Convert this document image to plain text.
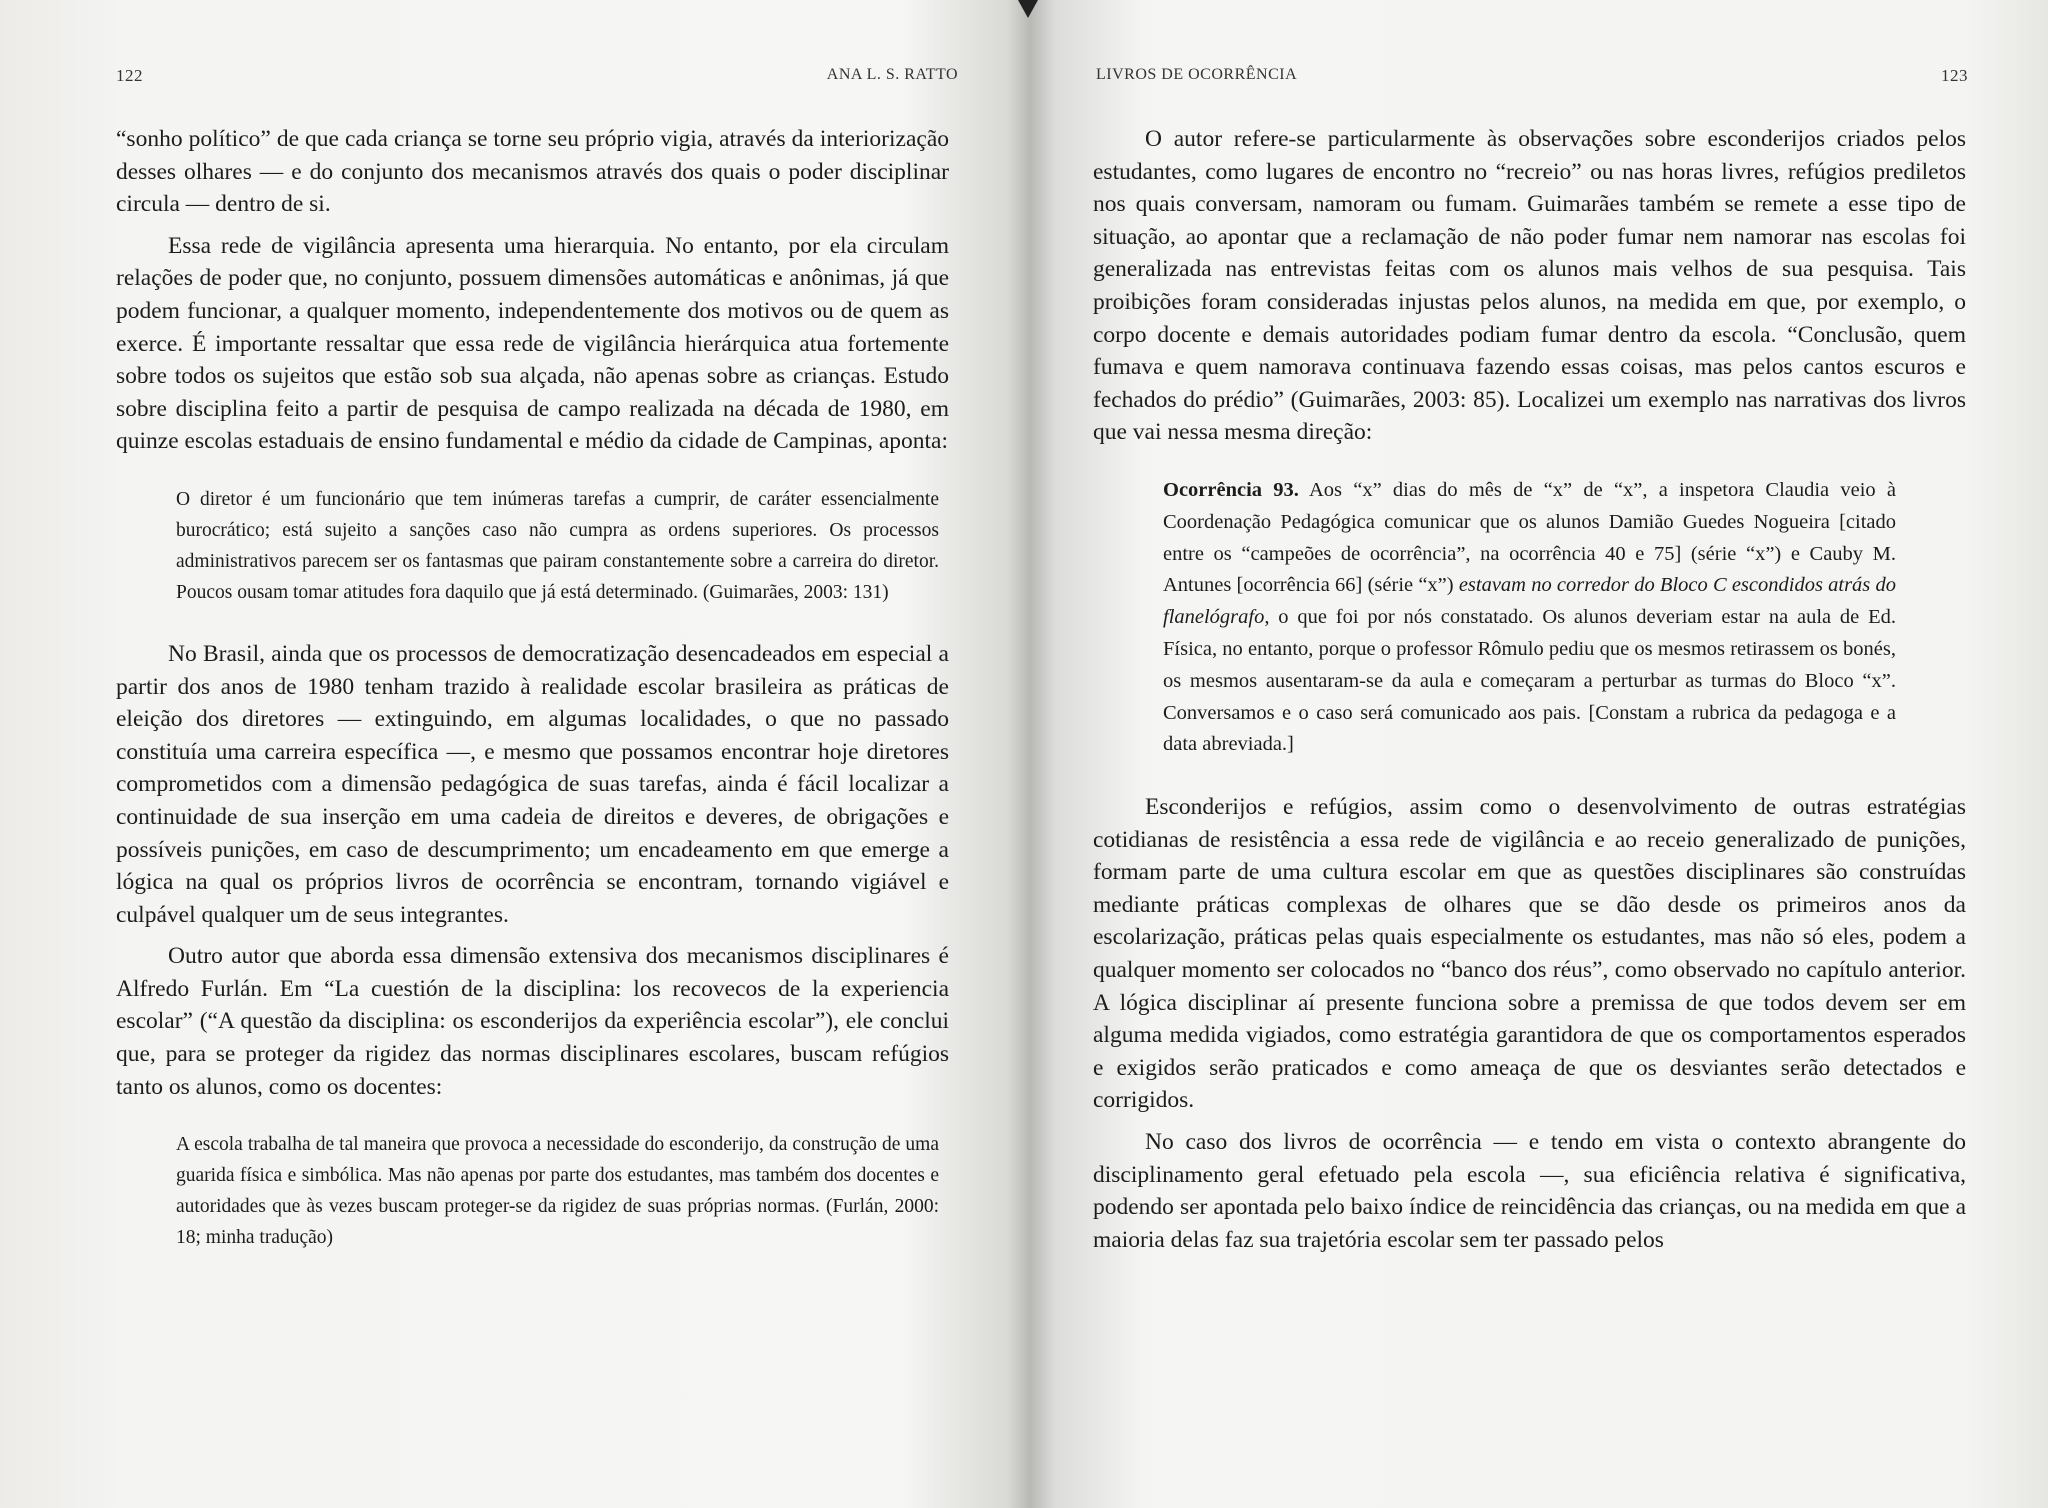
122	ANA L. S. RATTO

“sonho político” de que cada criança se torne seu próprio vigia, através da interiorização desses olhares — e do conjunto dos mecanismos através dos quais o poder disciplinar circula — dentro de si.

Essa rede de vigilância apresenta uma hierarquia. No entanto, por ela circulam relações de poder que, no conjunto, possuem dimensões automáticas e anônimas, já que podem funcionar, a qualquer momento, independentemente dos motivos ou de quem as exerce. É importante ressaltar que essa rede de vigilância hierárquica atua fortemente sobre todos os sujeitos que estão sob sua alçada, não apenas sobre as crianças. Estudo sobre disciplina feito a partir de pesquisa de campo realizada na década de 1980, em quinze escolas estaduais de ensino fundamental e médio da cidade de Campinas, aponta:

O diretor é um funcionário que tem inúmeras tarefas a cumprir, de caráter essencialmente burocrático; está sujeito a sanções caso não cumpra as ordens superiores. Os processos administrativos parecem ser os fantasmas que pairam constantemente sobre a carreira do diretor. Poucos ousam tomar atitudes fora daquilo que já está determinado. (Guimarães, 2003: 131)

No Brasil, ainda que os processos de democratização desencadeados em especial a partir dos anos de 1980 tenham trazido à realidade escolar brasileira as práticas de eleição dos diretores — extinguindo, em algumas localidades, o que no passado constituía uma carreira específica —, e mesmo que possamos encontrar hoje diretores comprometidos com a dimensão pedagógica de suas tarefas, ainda é fácil localizar a continuidade de sua inserção em uma cadeia de direitos e deveres, de obrigações e possíveis punições, em caso de descumprimento; um encadeamento em que emerge a lógica na qual os próprios livros de ocorrência se encontram, tornando vigiável e culpável qualquer um de seus integrantes.

Outro autor que aborda essa dimensão extensiva dos mecanismos disciplinares é Alfredo Furlán. Em “La cuestión de la disciplina: los recovecos de la experiencia escolar” (“A questão da disciplina: os esconderijos da experiência escolar”), ele conclui que, para se proteger da rigidez das normas disciplinares escolares, buscam refúgios tanto os alunos, como os docentes:

A escola trabalha de tal maneira que provoca a necessidade do esconderijo, da construção de uma guarida física e simbólica. Mas não apenas por parte dos estudantes, mas também dos docentes e autoridades que às vezes buscam proteger-se da rigidez de suas próprias normas. (Furlán, 2000: 18; minha tradução)
LIVROS DE OCORRÊNCIA	123

O autor refere-se particularmente às observações sobre esconderijos criados pelos estudantes, como lugares de encontro no “recreio” ou nas horas livres, refúgios prediletos nos quais conversam, namoram ou fumam. Guimarães também se remete a esse tipo de situação, ao apontar que a reclamação de não poder fumar nem namorar nas escolas foi generalizada nas entrevistas feitas com os alunos mais velhos de sua pesquisa. Tais proibições foram consideradas injustas pelos alunos, na medida em que, por exemplo, o corpo docente e demais autoridades podiam fumar dentro da escola. “Conclusão, quem fumava e quem namorava continuava fazendo essas coisas, mas pelos cantos escuros e fechados do prédio” (Guimarães, 2003: 85). Localizei um exemplo nas narrativas dos livros que vai nessa mesma direção:

Ocorrência 93. Aos “x” dias do mês de “x” de “x”, a inspetora Claudia veio à Coordenação Pedagógica comunicar que os alunos Damião Guedes Nogueira [citado entre os “campeões de ocorrência”, na ocorrência 40 e 75] (série “x”) e Cauby M. Antunes [ocorrência 66] (série “x”) estavam no corredor do Bloco C escondidos atrás do flanelógrafo, o que foi por nós constatado. Os alunos deveriam estar na aula de Ed. Física, no entanto, porque o professor Rômulo pediu que os mesmos retirassem os bonés, os mesmos ausentaram-se da aula e começaram a perturbar as turmas do Bloco “x”. Conversamos e o caso será comunicado aos pais. [Constam a rubrica da pedagoga e a data abreviada.]

Esconderijos e refúgios, assim como o desenvolvimento de outras estratégias cotidianas de resistência a essa rede de vigilância e ao receio generalizado de punições, formam parte de uma cultura escolar em que as questões disciplinares são construídas mediante práticas complexas de olhares que se dão desde os primeiros anos da escolarização, práticas pelas quais especialmente os estudantes, mas não só eles, podem a qualquer momento ser colocados no “banco dos réus”, como observado no capítulo anterior. A lógica disciplinar aí presente funciona sobre a premissa de que todos devem ser em alguma medida vigiados, como estratégia garantidora de que os comportamentos esperados e exigidos serão praticados e como ameaça de que os desviantes serão detectados e corrigidos.

No caso dos livros de ocorrência — e tendo em vista o contexto abrangente do disciplinamento geral efetuado pela escola —, sua eficiência relativa é significativa, podendo ser apontada pelo baixo índice de reincidência das crianças, ou na medida em que a maioria delas faz sua trajetória escolar sem ter passado pelos
